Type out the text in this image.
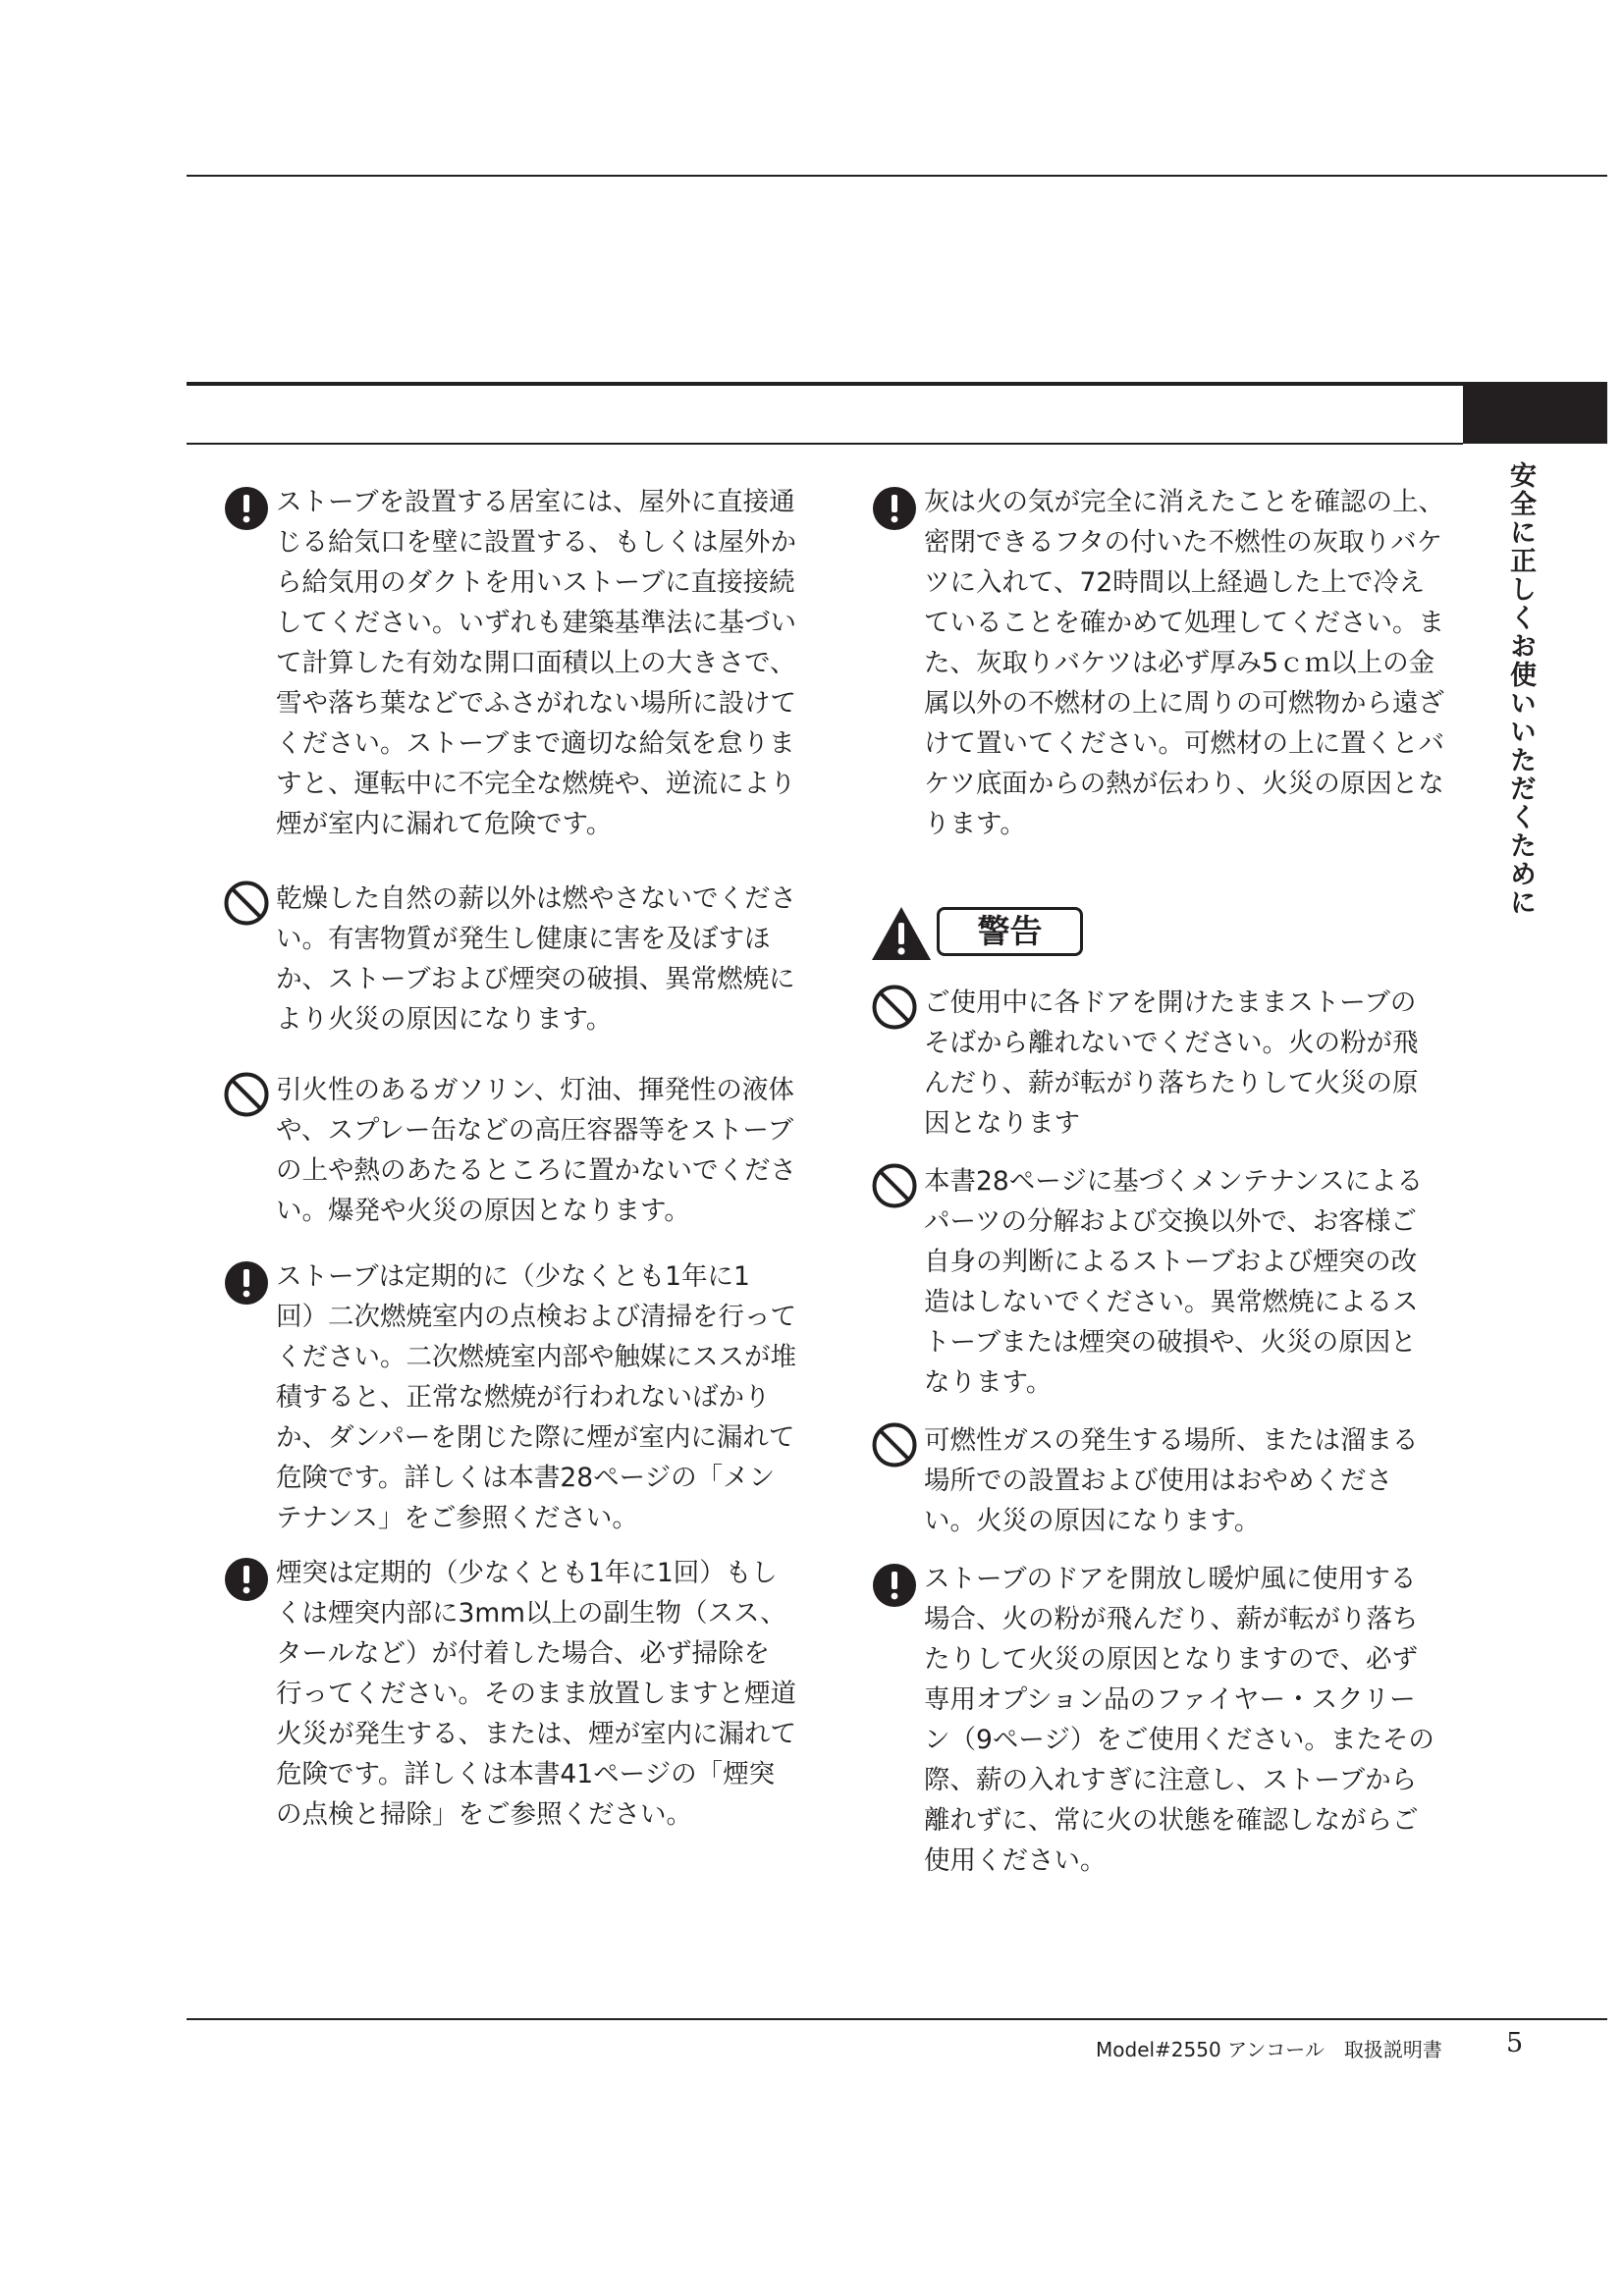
安全に正しくお使いいただくために
ストーブを設置する居室には、屋外に直接通
じる給気口を壁に設置する、もしくは屋外か
ら給気用のダクトを用いストーブに直接接続
してください。いずれも建築基準法に基づい
て計算した有効な開口面積以上の大きさで、
雪や落ち葉などでふさがれない場所に設けて
ください。ストーブまで適切な給気を怠りま
すと、運転中に不完全な燃焼や、逆流により
煙が室内に漏れて危険です。
乾燥した自然の薪以外は燃やさないでくださ
い。有害物質が発生し健康に害を及ぼすほ
か、ストーブおよび煙突の破損、異常燃焼に
より火災の原因になります。
引火性のあるガソリン、灯油、揮発性の液体
や、スプレー缶などの高圧容器等をストーブ
の上や熱のあたるところに置かないでくださ
い。爆発や火災の原因となります。
ストーブは定期的に（少なくとも1年に1
回）二次燃焼室内の点検および清掃を行って
ください。二次燃焼室内部や触媒にススが堆
積すると、正常な燃焼が行われないばかり
か、ダンパーを閉じた際に煙が室内に漏れて
危険です。詳しくは本書28ページの「メン
テナンス」をご参照ください。
煙突は定期的（少なくとも1年に1回）もし
くは煙突内部に3mm以上の副生物（スス、
タールなど）が付着した場合、必ず掃除を
行ってください。そのまま放置しますと煙道
火災が発生する、または、煙が室内に漏れて
危険です。詳しくは本書41ページの「煙突
の点検と掃除」をご参照ください。
灰は火の気が完全に消えたことを確認の上、
密閉できるフタの付いた不燃性の灰取りバケ
ツに入れて、72時間以上経過した上で冷え
ていることを確かめて処理してください。ま
た、灰取りバケツは必ず厚み5ｃｍ以上の金
属以外の不燃材の上に周りの可燃物から遠ざ
けて置いてください。可燃材の上に置くとバ
ケツ底面からの熱が伝わり、火災の原因とな
ります。
警告
ご使用中に各ドアを開けたままストーブの
そばから離れないでください。火の粉が飛
んだり、薪が転がり落ちたりして火災の原
因となります
本書28ページに基づくメンテナンスによる
パーツの分解および交換以外で、お客様ご
自身の判断によるストーブおよび煙突の改
造はしないでください。異常燃焼によるス
トーブまたは煙突の破損や、火災の原因と
なります。
可燃性ガスの発生する場所、または溜まる
場所での設置および使用はおやめくださ
い。火災の原因になります。
ストーブのドアを開放し暖炉風に使用する
場合、火の粉が飛んだり、薪が転がり落ち
たりして火災の原因となりますので、必ず
専用オプション品のファイヤー・スクリー
ン（9ページ）をご使用ください。またその
際、薪の入れすぎに注意し、ストーブから
離れずに、常に火の状態を確認しながらご
使用ください。
Model#2550 アンコール　取扱説明書 5
